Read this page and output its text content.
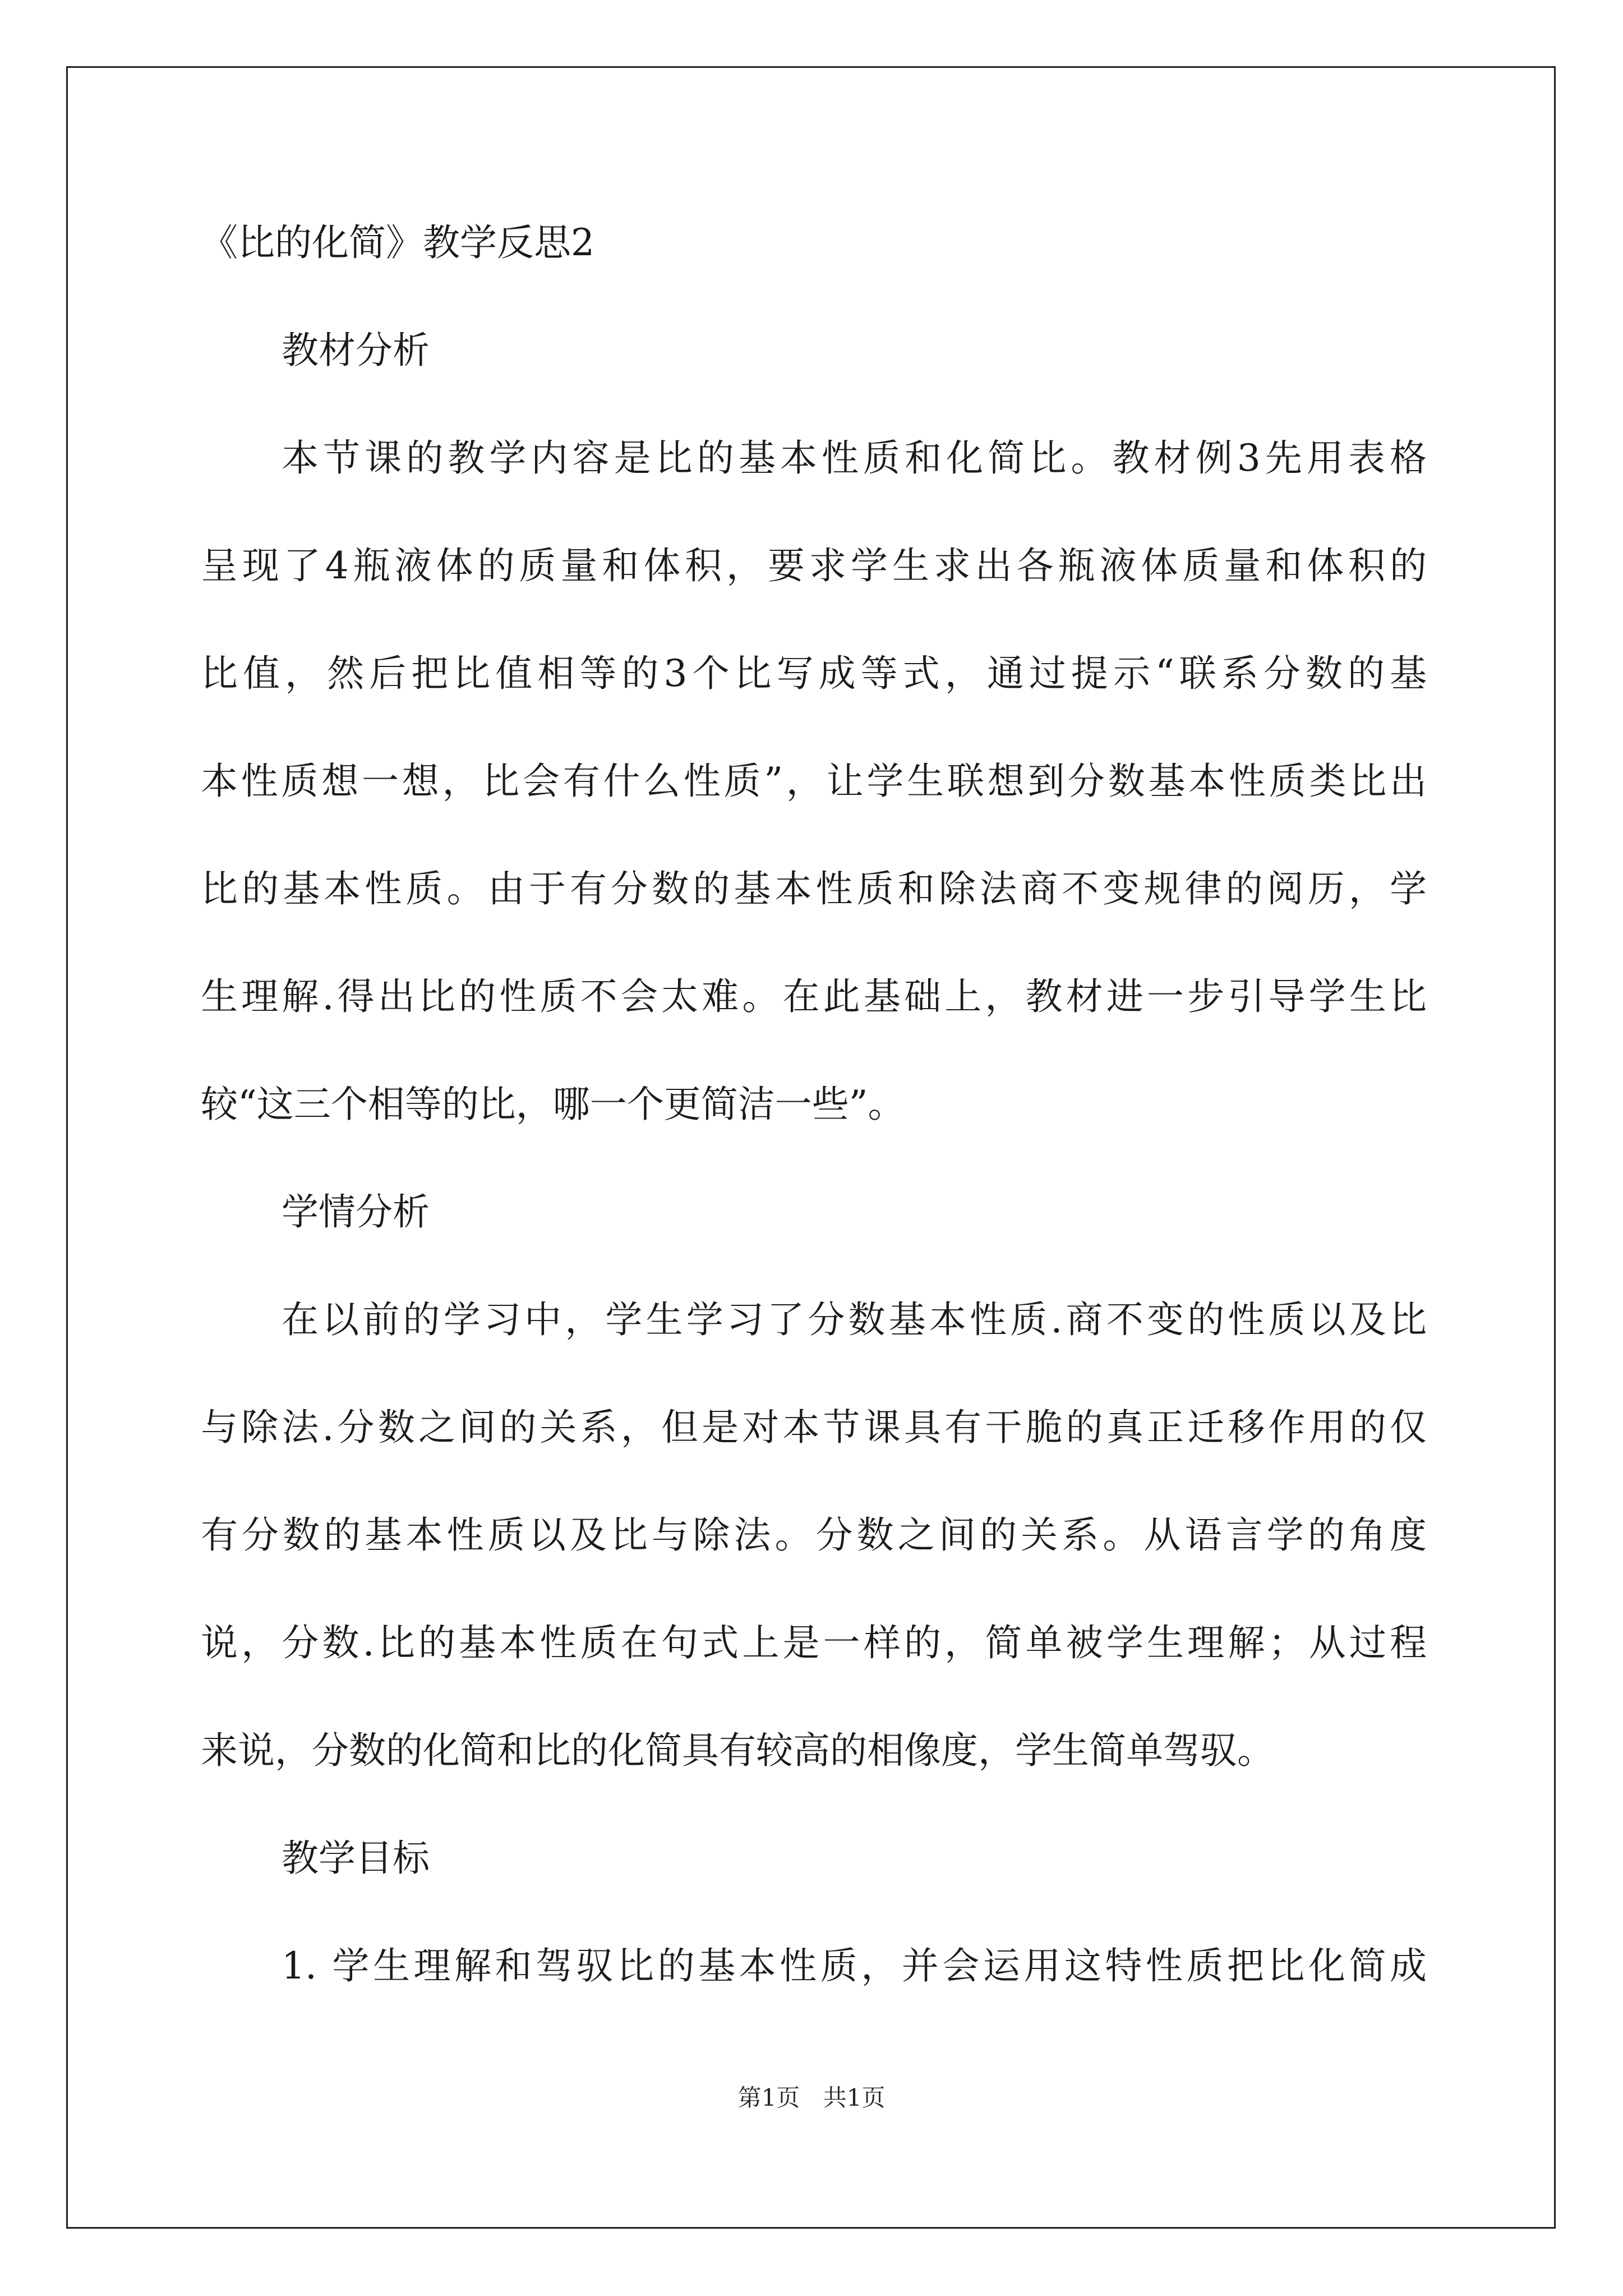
《比的化简》教学反思2

教材分析

本节课的教学内容是比的基本性质和化简比。教材例3先用表格

呈现了4瓶液体的质量和体积，要求学生求出各瓶液体质量和体积的

比值，然后把比值相等的3个比写成等式，通过提示“联系分数的基

本性质想一想，比会有什么性质”，让学生联想到分数基本性质类比出

比的基本性质。由于有分数的基本性质和除法商不变规律的阅历，学

生理解.得出比的性质不会太难。在此基础上，教材进一步引导学生比

较“这三个相等的比，哪一个更简洁一些”。

学情分析

在以前的学习中，学生学习了分数基本性质.商不变的性质以及比

与除法.分数之间的关系，但是对本节课具有干脆的真正迁移作用的仅

有分数的基本性质以及比与除法。分数之间的关系。从语言学的角度

说，分数.比的基本性质在句式上是一样的，简单被学生理解；从过程

来说，分数的化简和比的化简具有较高的相像度，学生简单驾驭。

教学目标

1. 学生理解和驾驭比的基本性质，并会运用这特性质把比化简成

第1页 共1页
